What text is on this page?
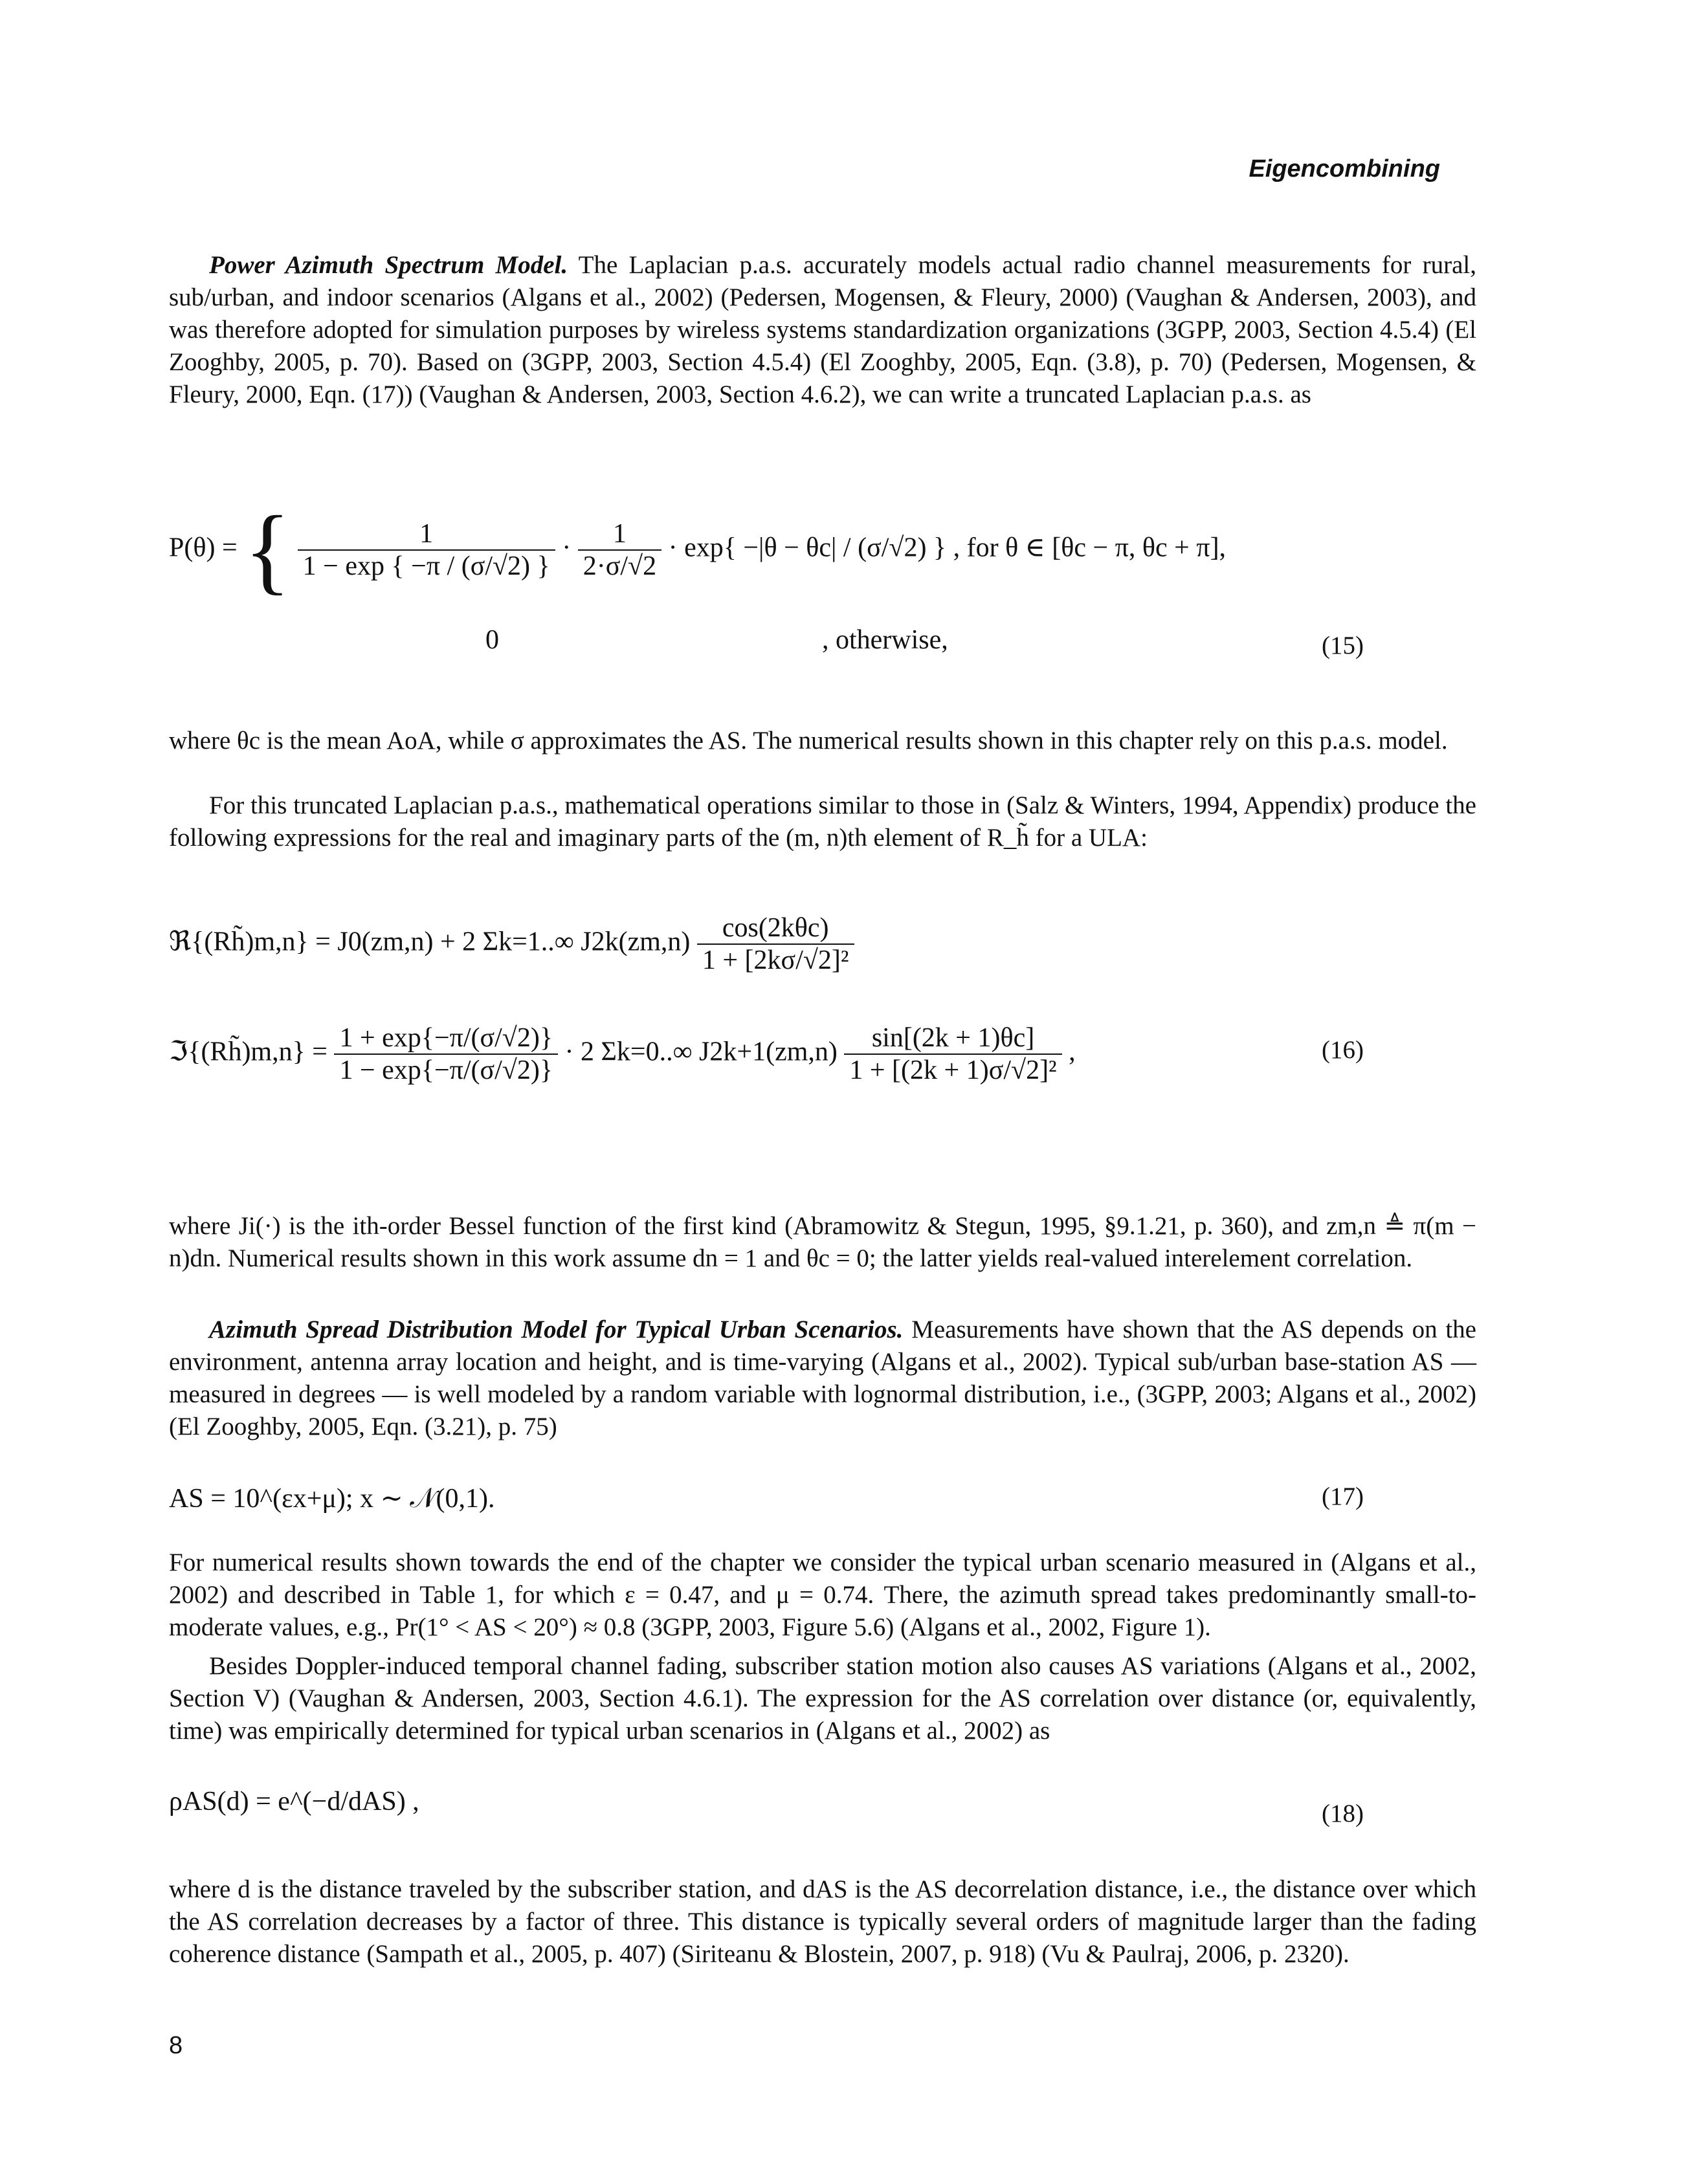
Eigencombining
Power Azimuth Spectrum Model. The Laplacian p.a.s. accurately models actual radio channel measurements for rural, sub/urban, and indoor scenarios (Algans et al., 2002) (Pedersen, Mogensen, & Fleury, 2000) (Vaughan & Andersen, 2003), and was therefore adopted for simulation purposes by wireless systems standardization organizations (3GPP, 2003, Section 4.5.4) (El Zooghby, 2005, p. 70). Based on (3GPP, 2003, Section 4.5.4) (El Zooghby, 2005, Eqn. (3.8), p. 70) (Pedersen, Mogensen, & Fleury, 2000, Eqn. (17)) (Vaughan & Andersen, 2003, Section 4.6.2), we can write a truncated Laplacian p.a.s. as
P(θ) = { $\frac{1}{1 - \exp \{ -\pi / (\sigma/√2) \}} \cdot \frac{1}{2\cdot\sigma/√2} \cdot \exp\{ -|\theta - \theta c| / (\sigma/√2)$ } , for θ ∈ [θc − π, θc + π],
0	, otherwise,	(15)
where θc is the mean AoA, while σ approximates the AS. The numerical results shown in this chapter rely on this p.a.s. model.
For this truncated Laplacian p.a.s., mathematical operations similar to those in (Salz & Winters, 1994, Appendix) produce the following expressions for the real and imaginary parts of the (m, n)th element of R_h̃ for a ULA:
ℜ{(Rh̃)m,n} = J0(zm,n) + 2 Σk=1..∞ $J2k(zm,n) \frac{\text{cos(2kθc)}}{\text{1 + [2kσ/√2]²}}$
ℑ{(Rh̃)m,n} = $\frac{1 + \exp\{-\pi/(\sigma/√2)\}}{1 - \exp\{-\pi/(\sigma/√2)\}} \cdot 2$ Σk=0..∞ $J2k+1(zm,n) \frac{\sin[(2k + 1)\theta c]}{\text{1 + [(2k + 1)σ/√2]²}}$ ,	(16)
where Ji(·) is the ith-order Bessel function of the first kind (Abramowitz & Stegun, 1995, §9.1.21, p. 360), and zm,n ≜ π(m − n)dn. Numerical results shown in this work assume dn = 1 and θc = 0; the latter yields real-valued interelement correlation.
Azimuth Spread Distribution Model for Typical Urban Scenarios. Measurements have shown that the AS depends on the environment, antenna array location and height, and is time-varying (Algans et al., 2002). Typical sub/urban base-station AS — measured in degrees — is well modeled by a random variable with lognormal distribution, i.e., (3GPP, 2003; Algans et al., 2002) (El Zooghby, 2005, Eqn. (3.21), p. 75)
AS = 10^(εx+μ); x ∼ 𝒩(0,1).	(17)
For numerical results shown towards the end of the chapter we consider the typical urban scenario measured in (Algans et al., 2002) and described in Table 1, for which ε = 0.47, and μ = 0.74. There, the azimuth spread takes predominantly small-to-moderate values, e.g., Pr(1° < AS < 20°) ≈ 0.8 (3GPP, 2003, Figure 5.6) (Algans et al., 2002, Figure 1).
Besides Doppler-induced temporal channel fading, subscriber station motion also causes AS variations (Algans et al., 2002, Section V) (Vaughan & Andersen, 2003, Section 4.6.1). The expression for the AS correlation over distance (or, equivalently, time) was empirically determined for typical urban scenarios in (Algans et al., 2002) as
ρAS(d) = e^(−d/dAS) ,	(18)
where d is the distance traveled by the subscriber station, and dAS is the AS decorrelation distance, i.e., the distance over which the AS correlation decreases by a factor of three. This distance is typically several orders of magnitude larger than the fading coherence distance (Sampath et al., 2005, p. 407) (Siriteanu & Blostein, 2007, p. 918) (Vu & Paulraj, 2006, p. 2320).
8
